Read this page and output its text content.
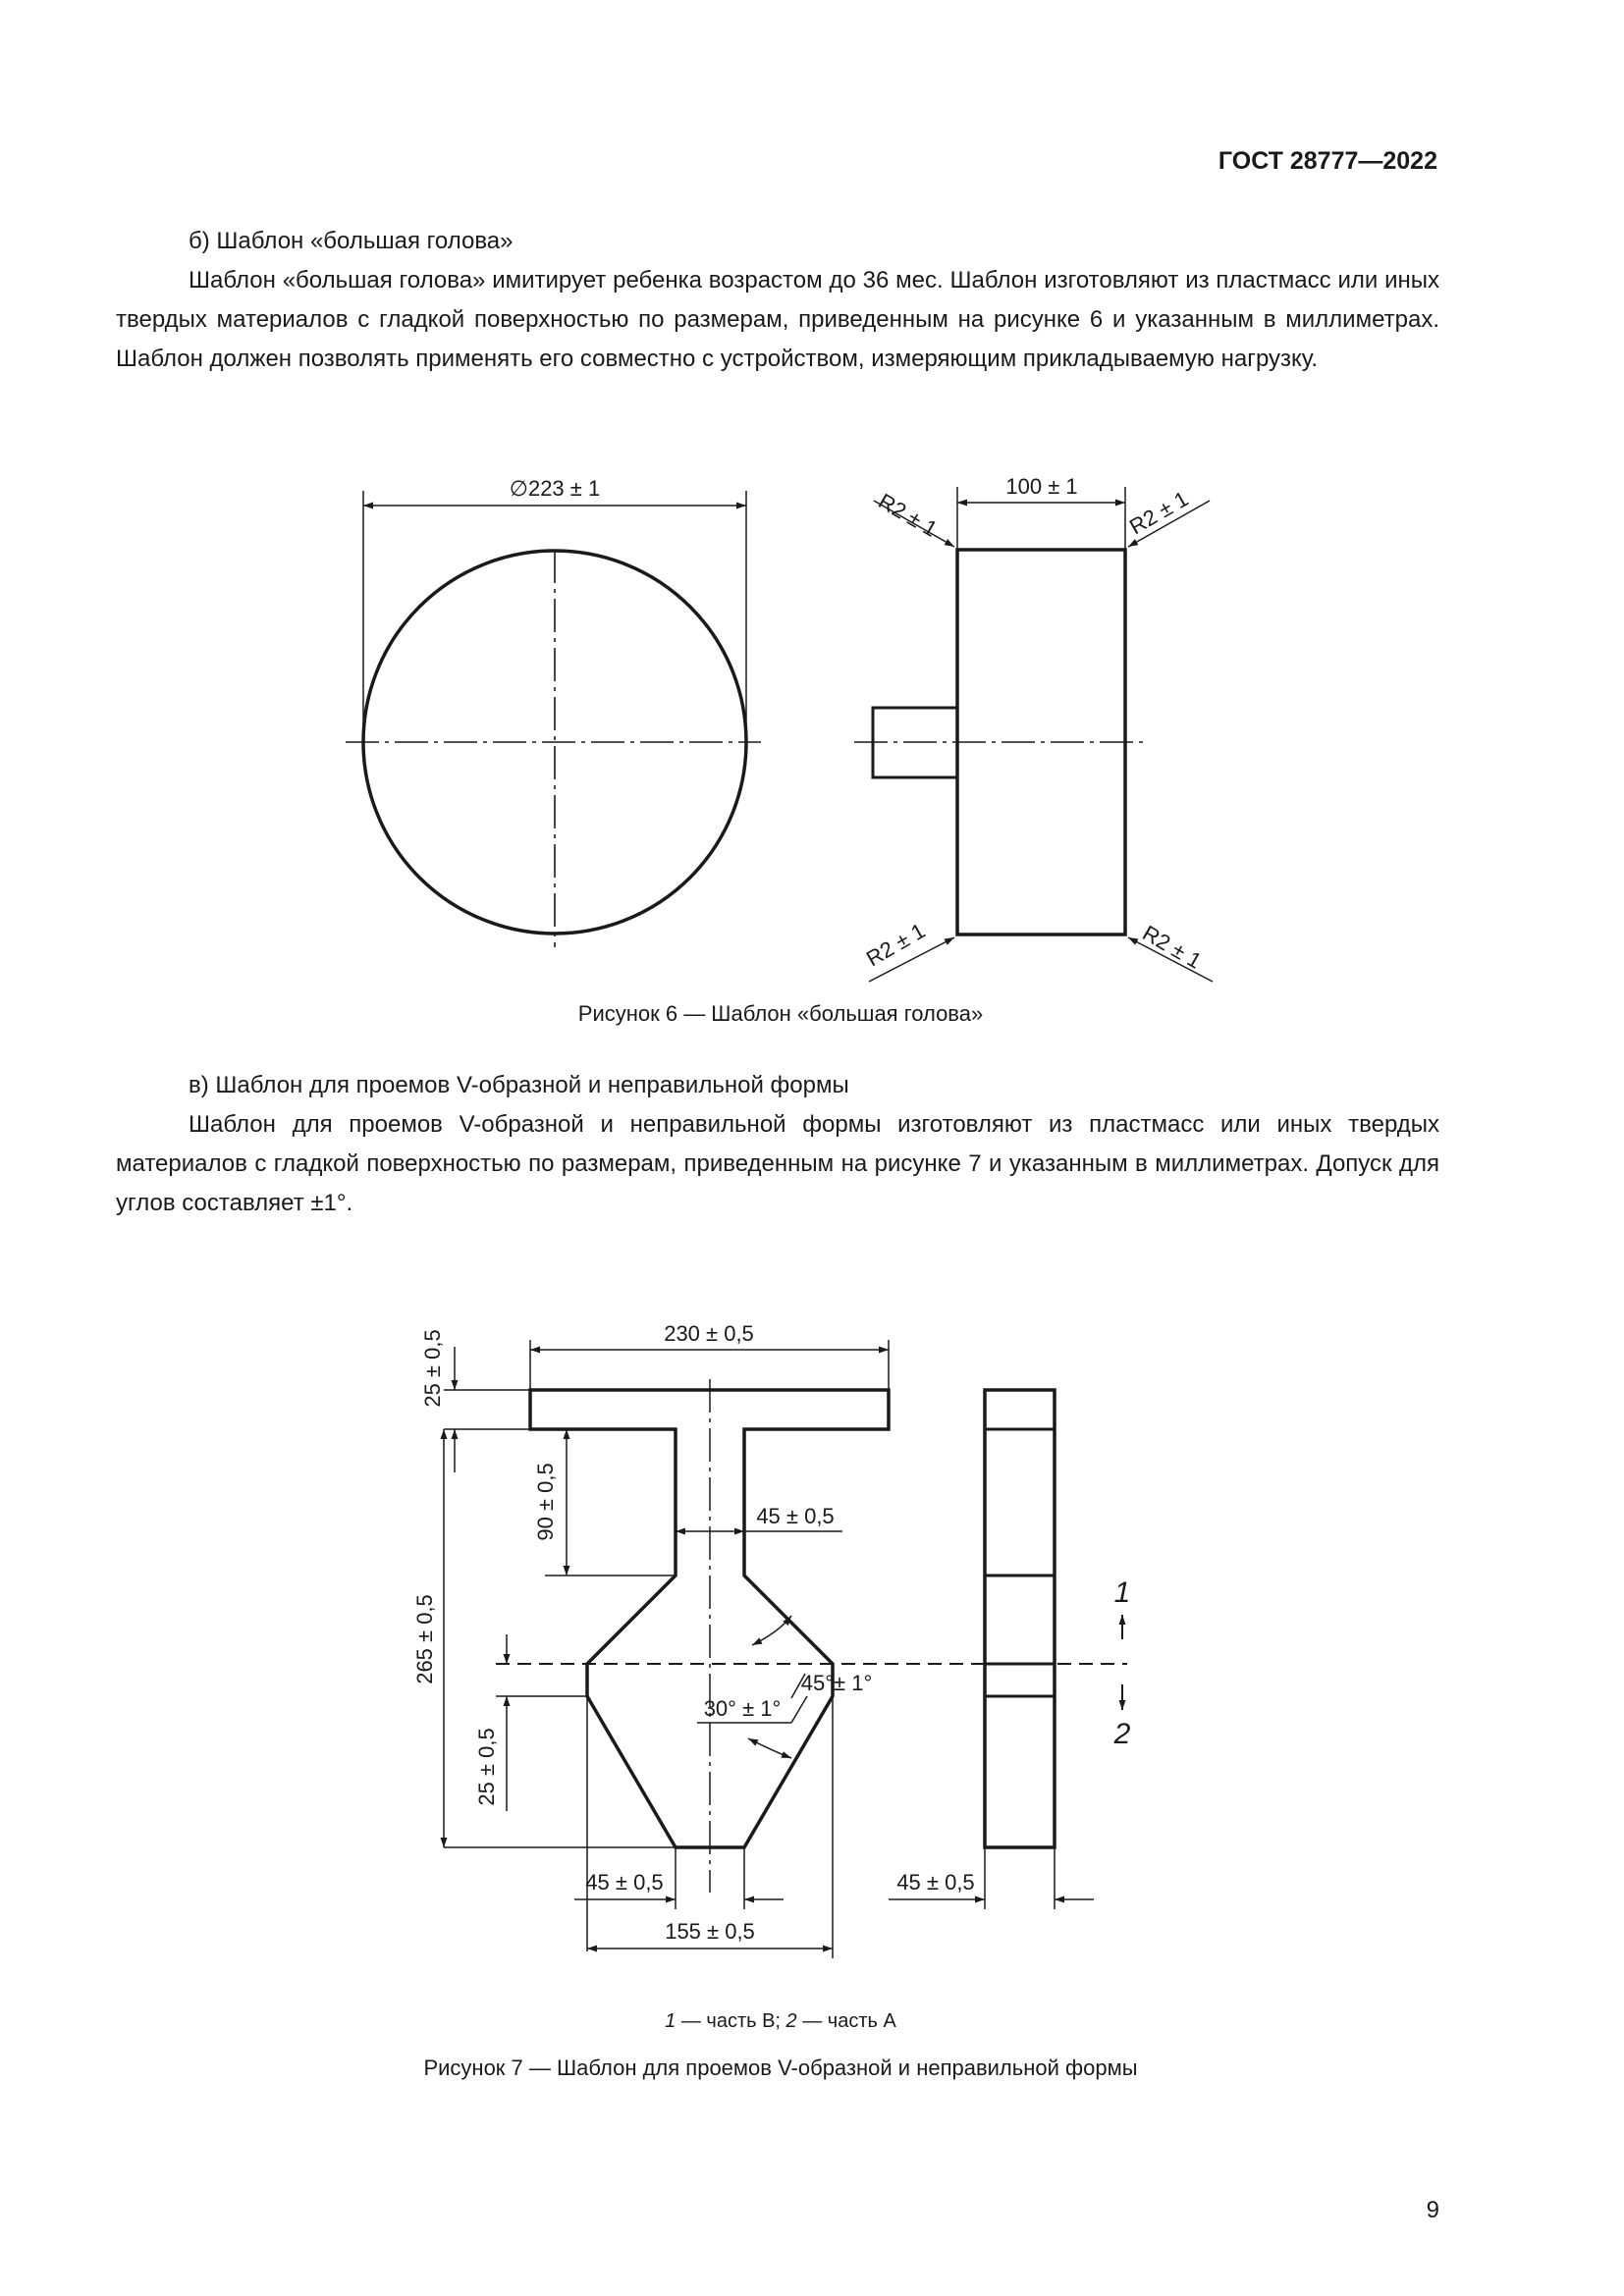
ГОСТ 28777—2022

б) Шаблон «большая голова»

Шаблон «большая голова» имитирует ребенка возрастом до 36 мес. Шаблон изготовляют из пластмасс или иных твердых материалов с гладкой поверхностью по размерам, приведенным на рисунке 6 и указанным в миллиметрах. Шаблон должен позволять применять его совместно с устройством, измеряющим прикладываемую нагрузку.

∅223 ± 1	100 ± 1
R2 ± 1	R2 ± 1
R2 ± 1	R2 ± 1
Рисунок 6 — Шаблон «большая голова»

в) Шаблон для проемов V-образной и неправильной формы

Шаблон для проемов V-образной и неправильной формы изготовляют из пластмасс или иных твердых материалов с гладкой поверхностью по размерам, приведенным на рисунке 7 и указанным в миллиметрах. Допуск для углов составляет ±1°.

230 ± 0,5
25 ± 0,5
90 ± 0,5	45 ± 0,5
265 ± 0,5	45°± 1°
30° ± 1°
25 ± 0,5
45 ± 0,5	45 ± 0,5
155 ± 0,5
1
2
1 — часть В; 2 — часть А
Рисунок 7 — Шаблон для проемов V-образной и неправильной формы
9
